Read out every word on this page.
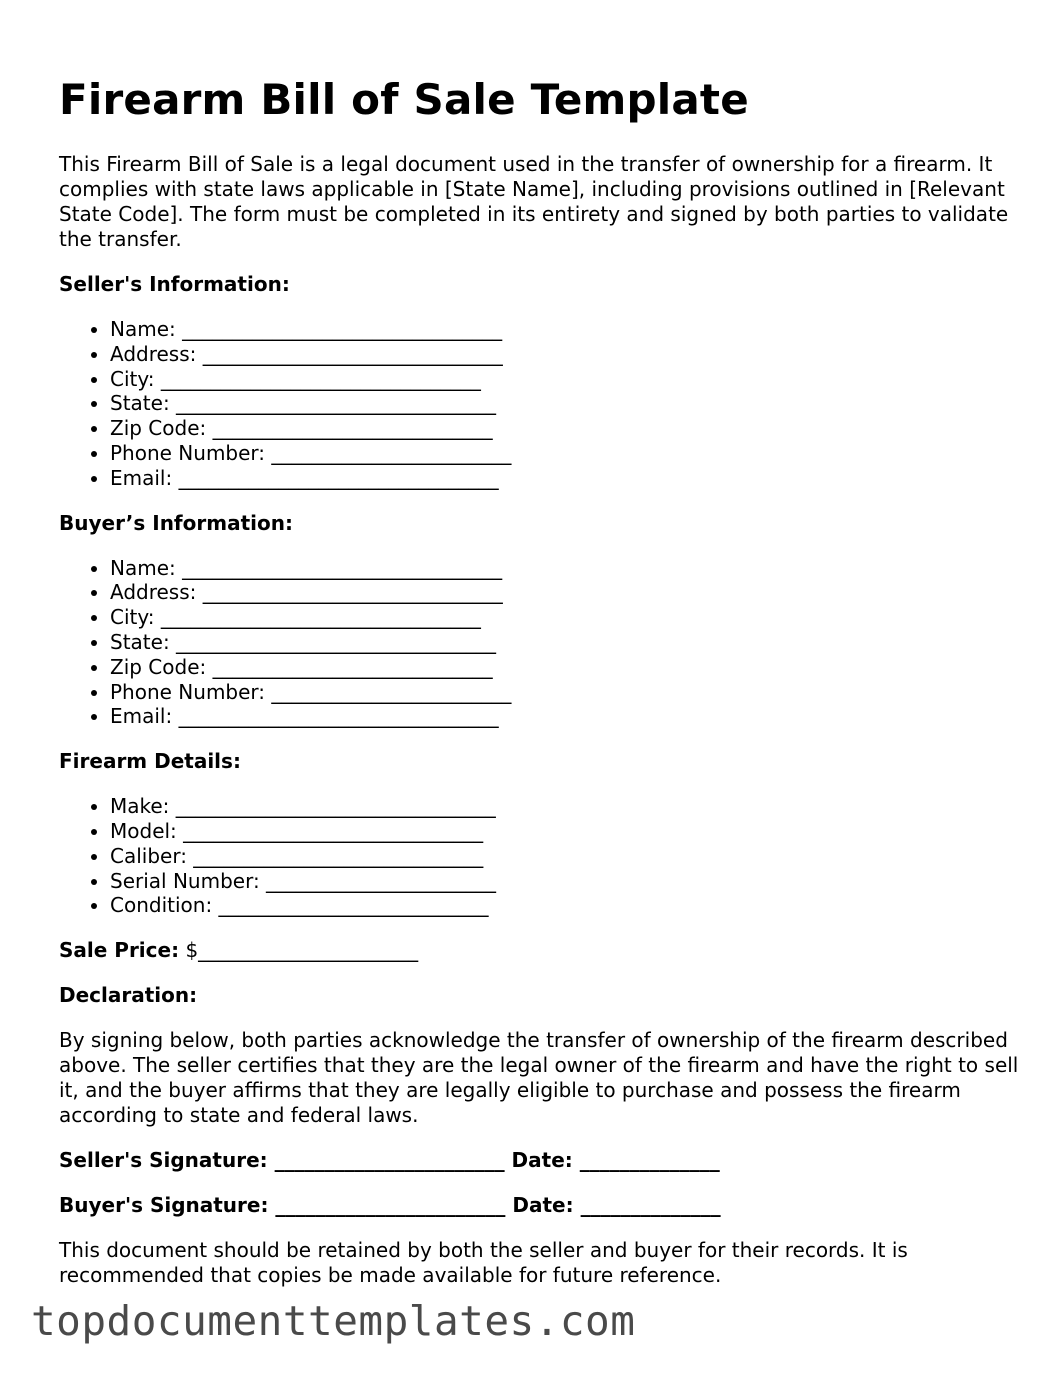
Firearm Bill of Sale Template

This Firearm Bill of Sale is a legal document used in the transfer of ownership for a firearm. It complies with state laws applicable in [State Name], including provisions outlined in [Relevant State Code]. The form must be completed in its entirety and signed by both parties to validate the transfer.

Seller's Information:
• Name: ________________________________
• Address: ______________________________
• City: ________________________________
• State: ________________________________
• Zip Code: ____________________________
• Phone Number: ________________________
• Email: ________________________________
Buyer’s Information:
• Name: ________________________________
• Address: ______________________________
• City: ________________________________
• State: ________________________________
• Zip Code: ____________________________
• Phone Number: ________________________
• Email: ________________________________
Firearm Details:
• Make: ________________________________
• Model: ______________________________
• Caliber: _____________________________
• Serial Number: _______________________
• Condition: ___________________________
Sale Price: $______________________
Declaration:

By signing below, both parties acknowledge the transfer of ownership of the firearm described above. The seller certifies that they are the legal owner of the firearm and have the right to sell it, and the buyer affirms that they are legally eligible to purchase and possess the firearm according to state and federal laws.

Seller's Signature: _______________________ Date: ______________
Buyer's Signature: _______________________ Date: ______________

This document should be retained by both the seller and buyer for their records. It is recommended that copies be made available for future reference.

topdocumenttemplates.com
